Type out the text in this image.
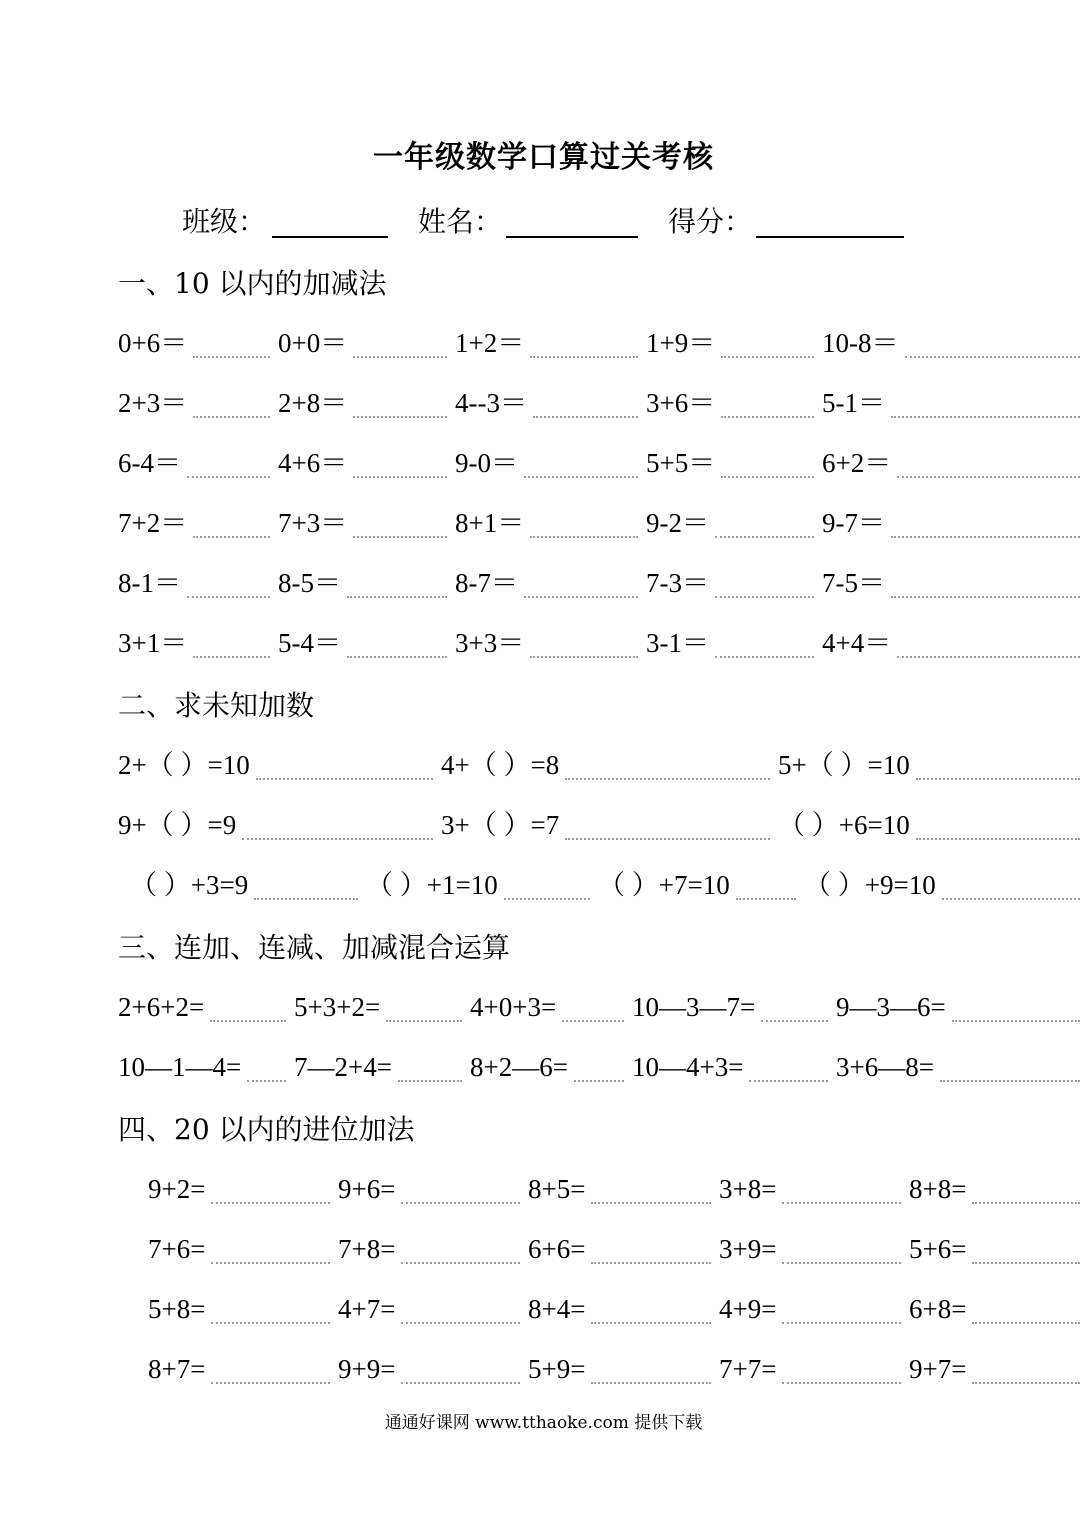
一年级数学口算过关考核
班级：	姓名：	得分：
一、10 以内的加减法
0+6＝	0+0＝	1+2＝	1+9＝	10-8＝
2+3＝	2+8＝	4--3＝	3+6＝	5-1＝
6-4＝	4+6＝	9-0＝	5+5＝	6+2＝
7+2＝	7+3＝	8+1＝	9-2＝	9-7＝
8-1＝	8-5＝	8-7＝	7-3＝	7-5＝
3+1＝	5-4＝	3+3＝	3-1＝	4+4＝
二、求未知加数
2+（ ）=10	4+（ ）=8	5+（ ）=10
9+（ ）=9	3+（ ）=7	（ ）+6=10
（ ）+3=9	（ ）+1=10	（ ）+7=10	（ ）+9=10
三、连加、连减、加减混合运算
2+6+2=	5+3+2=	4+0+3=	10—3—7=	9—3—6=
10—1—4= 7—2+4=	8+2—6= 10—4+3=	3+6—8=
四、20 以内的进位加法
9+2=	9+6=	8+5=	3+8=	8+8=
7+6=	7+8=	6+6=	3+9=	5+6=
5+8=	4+7=	8+4=	4+9=	6+8=
8+7=	9+9=	5+9=	7+7=	9+7=
通通好课网 www.tthaoke.com 提供下载
